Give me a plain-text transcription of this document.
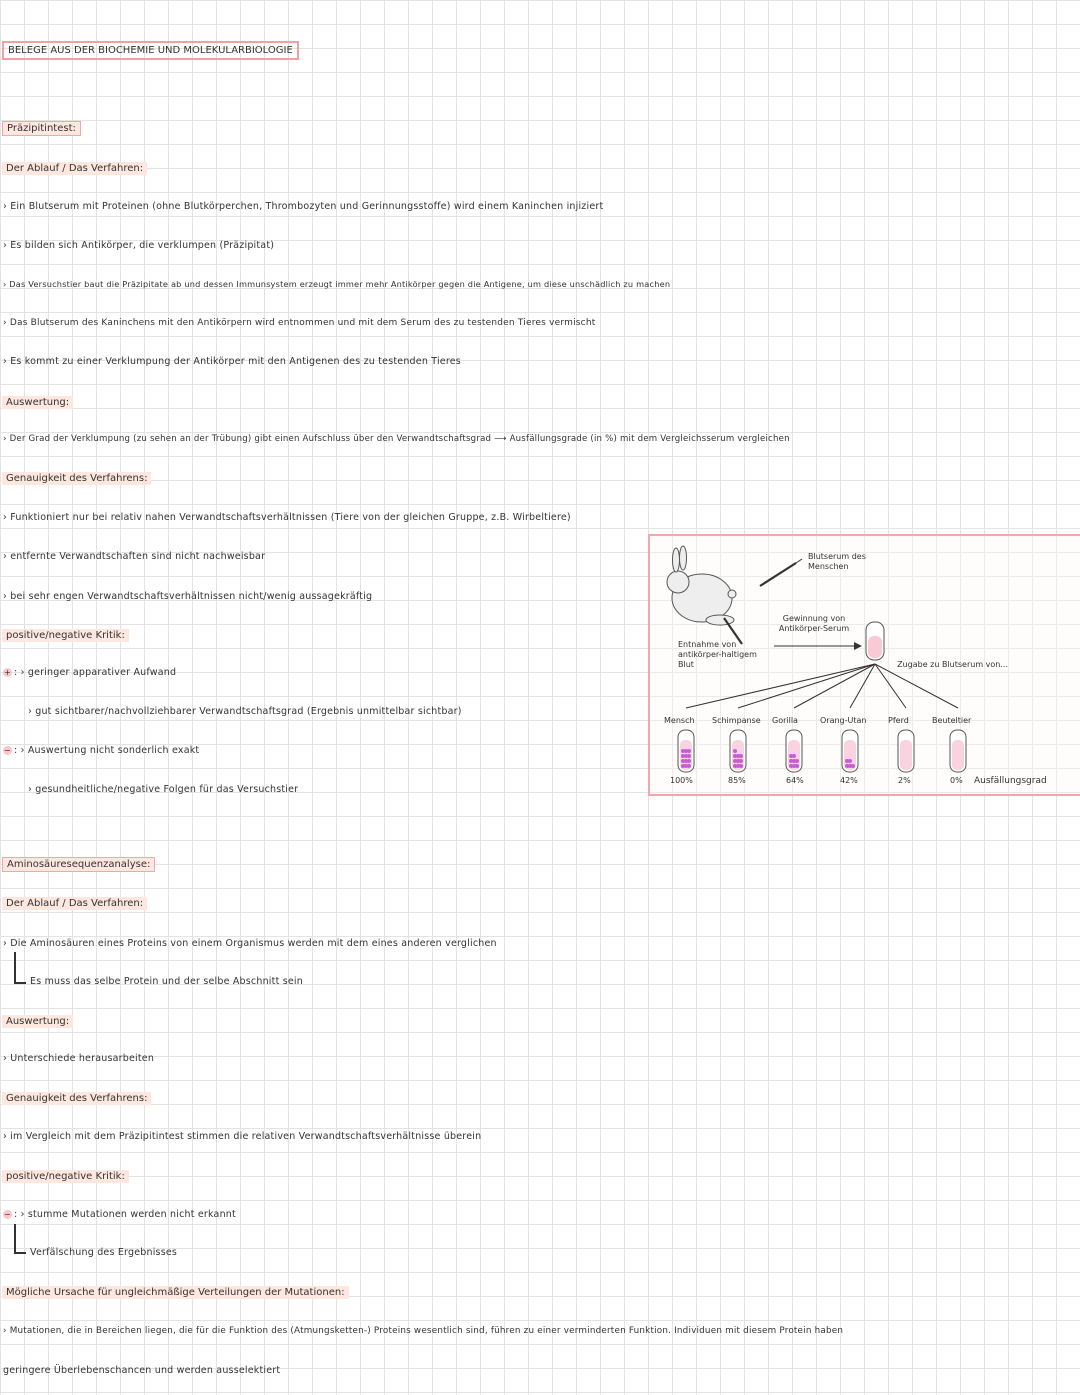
BELEGE AUS DER BIOCHEMIE UND MOLEKULARBIOLOGIE
Präzipitintest:
Der Ablauf / Das Verfahren:
› Ein Blutserum mit Proteinen (ohne Blutkörperchen, Thrombozyten und Gerinnungsstoffe) wird einem Kaninchen injiziert
› Es bilden sich Antikörper, die verklumpen (Präzipitat)
› Das Versuchstier baut die Präzipitate ab und dessen Immunsystem erzeugt immer mehr Antikörper gegen die Antigene, um diese unschädlich zu machen
› Das Blutserum des Kaninchens mit den Antikörpern wird entnommen und mit dem Serum des zu testenden Tieres vermischt
› Es kommt zu einer Verklumpung der Antikörper mit den Antigenen des zu testenden Tieres
Auswertung:
› Der Grad der Verklumpung (zu sehen an der Trübung) gibt einen Aufschluss über den Verwandtschaftsgrad ⟶ Ausfällungsgrade (in %) mit dem Vergleichsserum vergleichen
Genauigkeit des Verfahrens:
› Funktioniert nur bei relativ nahen Verwandtschaftsverhältnissen (Tiere von der gleichen Gruppe, z.B. Wirbeltiere)
› entfernte Verwandtschaften sind nicht nachweisbar
› bei sehr engen Verwandtschaftsverhältnissen nicht/wenig aussagekräftig
positive/negative Kritik:
+ : › geringer apparativer Aufwand
› gut sichtbarer/nachvollziehbarer Verwandtschaftsgrad (Ergebnis unmittelbar sichtbar)
− : › Auswertung nicht sonderlich exakt
› gesundheitliche/negative Folgen für das Versuchstier
Blutserum des Menschen
Gewinnung von Antikörper-Serum
Entnahme von antikörper-haltigem Blut	Zugabe zu Blutserum von...
Mensch Schimpanse Gorilla	Orang-Utan	Pferd	Beuteltier
100%	85%	64%	42%	2%	0% Ausfällungsgrad
Aminosäuresequenzanalyse:
Der Ablauf / Das Verfahren:
› Die Aminosäuren eines Proteins von einem Organismus werden mit dem eines anderen verglichen
Es muss das selbe Protein und der selbe Abschnitt sein
Auswertung:
› Unterschiede herausarbeiten
Genauigkeit des Verfahrens:
› im Vergleich mit dem Präzipitintest stimmen die relativen Verwandtschaftsverhältnisse überein
positive/negative Kritik:
− : › stumme Mutationen werden nicht erkannt
Verfälschung des Ergebnisses
Mögliche Ursache für ungleichmäßige Verteilungen der Mutationen:
› Mutationen, die in Bereichen liegen, die für die Funktion des (Atmungsketten-) Proteins wesentlich sind, führen zu einer verminderten Funktion. Individuen mit diesem Protein haben
geringere Überlebenschancen und werden ausselektiert
